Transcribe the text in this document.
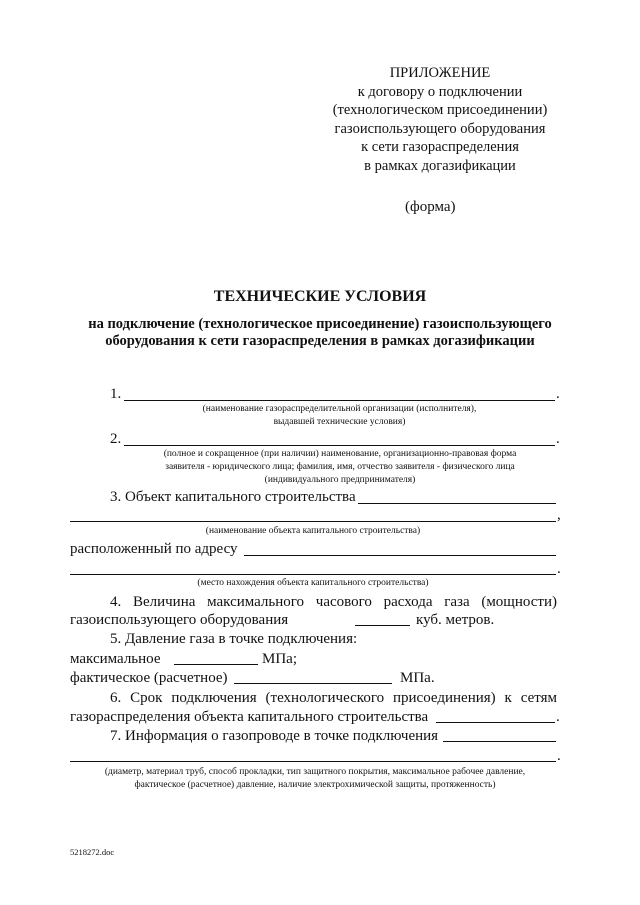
ПРИЛОЖЕНИЕ
к договору о подключении
(технологическом присоединении)
газоиспользующего оборудования
к сети газораспределения
в рамках догазификации
(форма)
ТЕХНИЧЕСКИЕ УСЛОВИЯ
на подключение (технологическое присоединение) газоиспользующего
оборудования к сети газораспределения в рамках догазификации
1.	.
(наименование газораспределительной организации (исполнителя),
выдавшей технические условия)
2.	.
(полное и сокращенное (при наличии) наименование, организационно-правовая форма
заявителя - юридического лица; фамилия, имя, отчество заявителя - физического лица
(индивидуального предпринимателя)
3. Объект капитального строительства
,
(наименование объекта капитального строительства)
расположенный по адресу
.
(место нахождения объекта капитального строительства)
4. Величина максимального часового расхода газа (мощности)
газоиспользующего оборудования	куб. метров.
5. Давление газа в точке подключения:
максимальное	МПа;
фактическое (расчетное)	МПа.
6. Срок подключения (технологического присоединения) к сетям
газораспределения объекта капитального строительства	.
7. Информация о газопроводе в точке подключения
.
(диаметр, материал труб, способ прокладки, тип защитного покрытия, максимальное рабочее давление,
фактическое (расчетное) давление, наличие электрохимической защиты, протяженность)
5218272.doc
